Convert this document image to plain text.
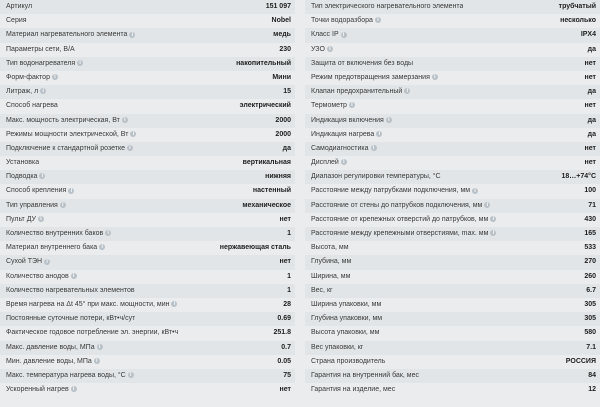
Артикул	151 097
Серия	Nobel
Материал нагревательного элемента i	медь
Параметры сети, В/А	230
Тип водонагревателя i	накопительный
Форм-фактор i	Мини
Литраж, л i	15
Способ нагрева	электрический
Макс. мощность электрическая, Вт i	2000
Режимы мощности электрической, Вт i	2000
Подключение к стандартной розетке i	да
Установка	вертикальная
Подводка i	нижняя
Способ крепления i	настенный
Тип управления i	механическое
Пульт ДУ i	нет
Количество внутренних баков i	1
Материал внутреннего бака i	нержавеющая сталь
Сухой ТЭН i	нет
Количество анодов i	1
Количество нагревательных элементов	1
Время нагрева на Δt 45° при макс. мощности, мин i	28
Постоянные суточные потери, кВт•ч/сут	0.69
Фактическое годовое потребление эл. энергии, кВт•ч	251.8
Макс. давление воды, МПа i	0.7
Мин. давление воды, МПа i	0.05
Макс. температура нагрева воды, °С i	75
Ускоренный нагрев i	нет
Тип электрического нагревательного элемента	трубчатый
Точки водоразбора i	несколько
Класс IP i	IPX4
УЗО i	да
Защита от включения без воды	нет
Режим предотвращения замерзания i	нет
Клапан предохранительный i	да
Термометр i	нет
Индикация включения i	да
Индикация нагрева i	да
Самодиагностика i	нет
Дисплей i	нет
Диапазон регулировки температуры, °С	18…+74°С
Расстояние между патрубками подключения, мм i	100
Расстояние от стены до патрубков подключения, мм i	71
Расстояние от крепежных отверстий до патрубков, мм i	430
Расстояние между крепежными отверстиями, max. мм i	165
Высота, мм	533
Глубина, мм	270
Ширина, мм	260
Вес, кг	6.7
Ширина упаковки, мм	305
Глубина упаковки, мм	305
Высота упаковки, мм	580
Вес упаковки, кг	7.1
Страна производитель	РОССИЯ
Гарантия на внутренний бак, мес	84
Гарантия на изделие, мес	12
